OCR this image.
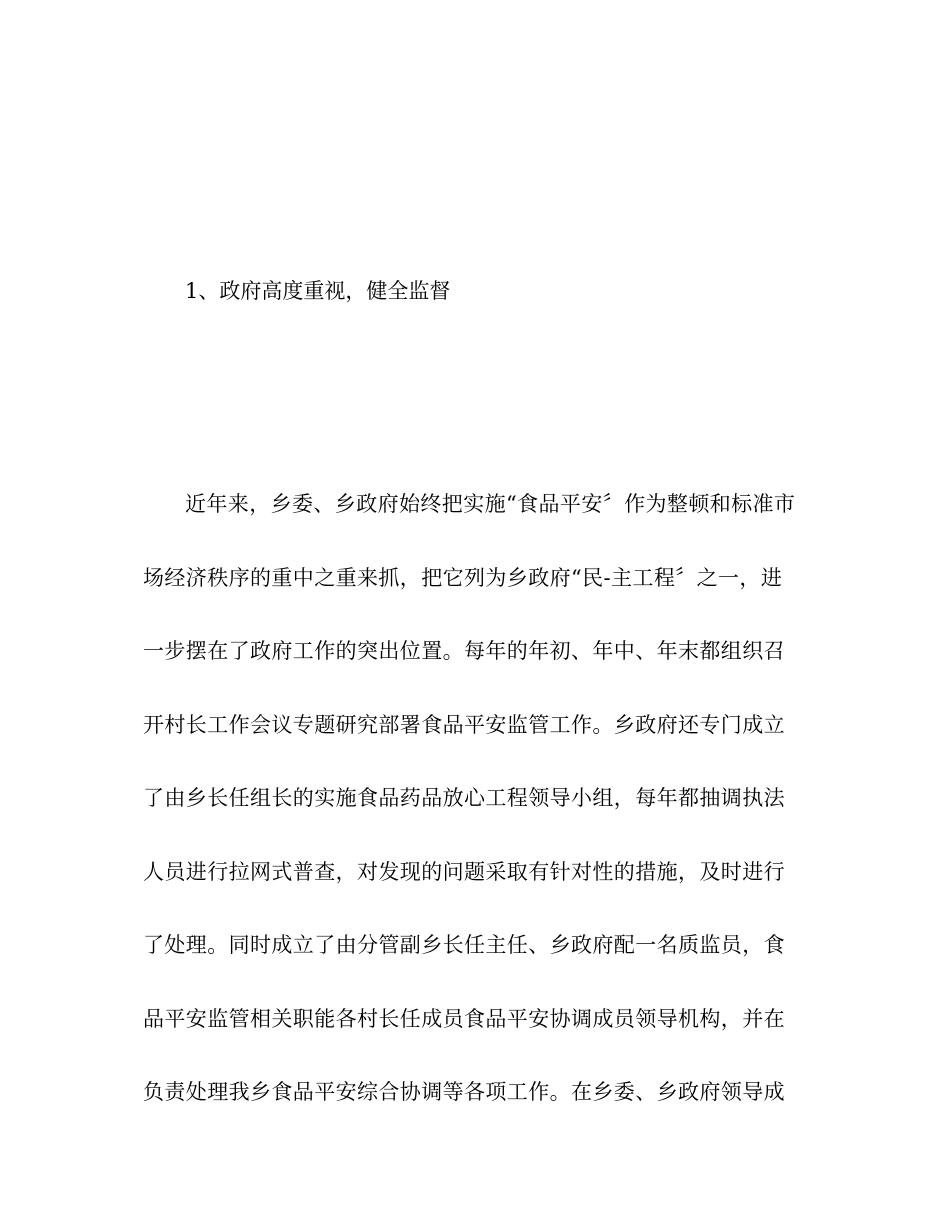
1、政府高度重视，健全监督
近年来，乡委、乡政府始终把实施“食品平安〞作为整顿和标准市
场经济秩序的重中之重来抓，把它列为乡政府“民-主工程〞之一，进
一步摆在了政府工作的突出位置。每年的年初、年中、年末都组织召
开村长工作会议专题研究部署食品平安监管工作。乡政府还专门成立
了由乡长任组长的实施食品药品放心工程领导小组，每年都抽调执法
人员进行拉网式普查，对发现的问题采取有针对性的措施，及时进行
了处理。同时成立了由分管副乡长任主任、乡政府配一名质监员，食
品平安监管相关职能各村长任成员食品平安协调成员领导机构，并在
负责处理我乡食品平安综合协调等各项工作。在乡委、乡政府领导成
